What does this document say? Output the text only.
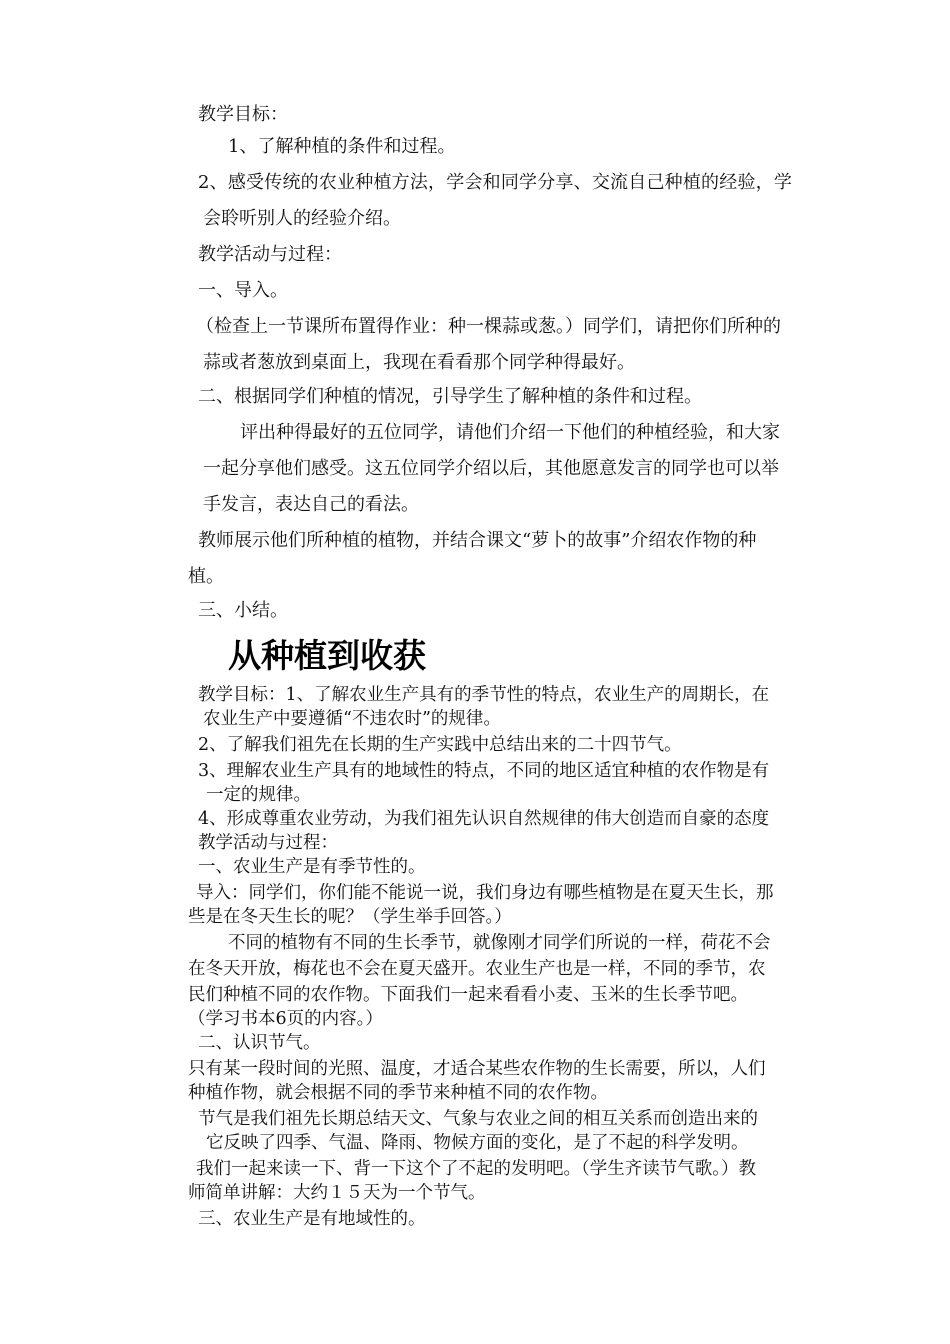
教学目标：

1、了解种植的条件和过程。

2、感受传统的农业种植方法，学会和同学分享、交流自己种植的经验，学

会聆听别人的经验介绍。

教学活动与过程：

一、导入。

（检查上一节课所布置得作业：种一棵蒜或葱。）同学们，请把你们所种的

蒜或者葱放到桌面上，我现在看看那个同学种得最好。

二、根据同学们种植的情况，引导学生了解种植的条件和过程。

评出种得最好的五位同学，请他们介绍一下他们的种植经验，和大家

一起分享他们感受。这五位同学介绍以后，其他愿意发言的同学也可以举

手发言，表达自己的看法。

教师展示他们所种植的植物，并结合课文“萝卜的故事”介绍农作物的种

植。

三、小结。

从种植到收获

教学目标：1、了解农业生产具有的季节性的特点，农业生产的周期长，在

农业生产中要遵循“不违农时”的规律。

2、了解我们祖先在长期的生产实践中总结出来的二十四节气。

3、理解农业生产具有的地域性的特点，不同的地区适宜种植的农作物是有

一定的规律。

4、形成尊重农业劳动，为我们祖先认识自然规律的伟大创造而自豪的态度

教学活动与过程：

一、农业生产是有季节性的。

导入：同学们，你们能不能说一说，我们身边有哪些植物是在夏天生长，那

些是在冬天生长的呢？（学生举手回答。）

不同的植物有不同的生长季节，就像刚才同学们所说的一样，荷花不会

在冬天开放，梅花也不会在夏天盛开。农业生产也是一样，不同的季节，农

民们种植不同的农作物。下面我们一起来看看小麦、玉米的生长季节吧。

（学习书本6页的内容。）

二、认识节气。

只有某一段时间的光照、温度，才适合某些农作物的生长需要，所以，人们

种植作物，就会根据不同的季节来种植不同的农作物。

节气是我们祖先长期总结天文、气象与农业之间的相互关系而创造出来的

它反映了四季、气温、降雨、物候方面的变化，是了不起的科学发明。

我们一起来读一下、背一下这个了不起的发明吧。（学生齐读节气歌。）教

师简单讲解：大约１５天为一个节气。

三、农业生产是有地域性的。
